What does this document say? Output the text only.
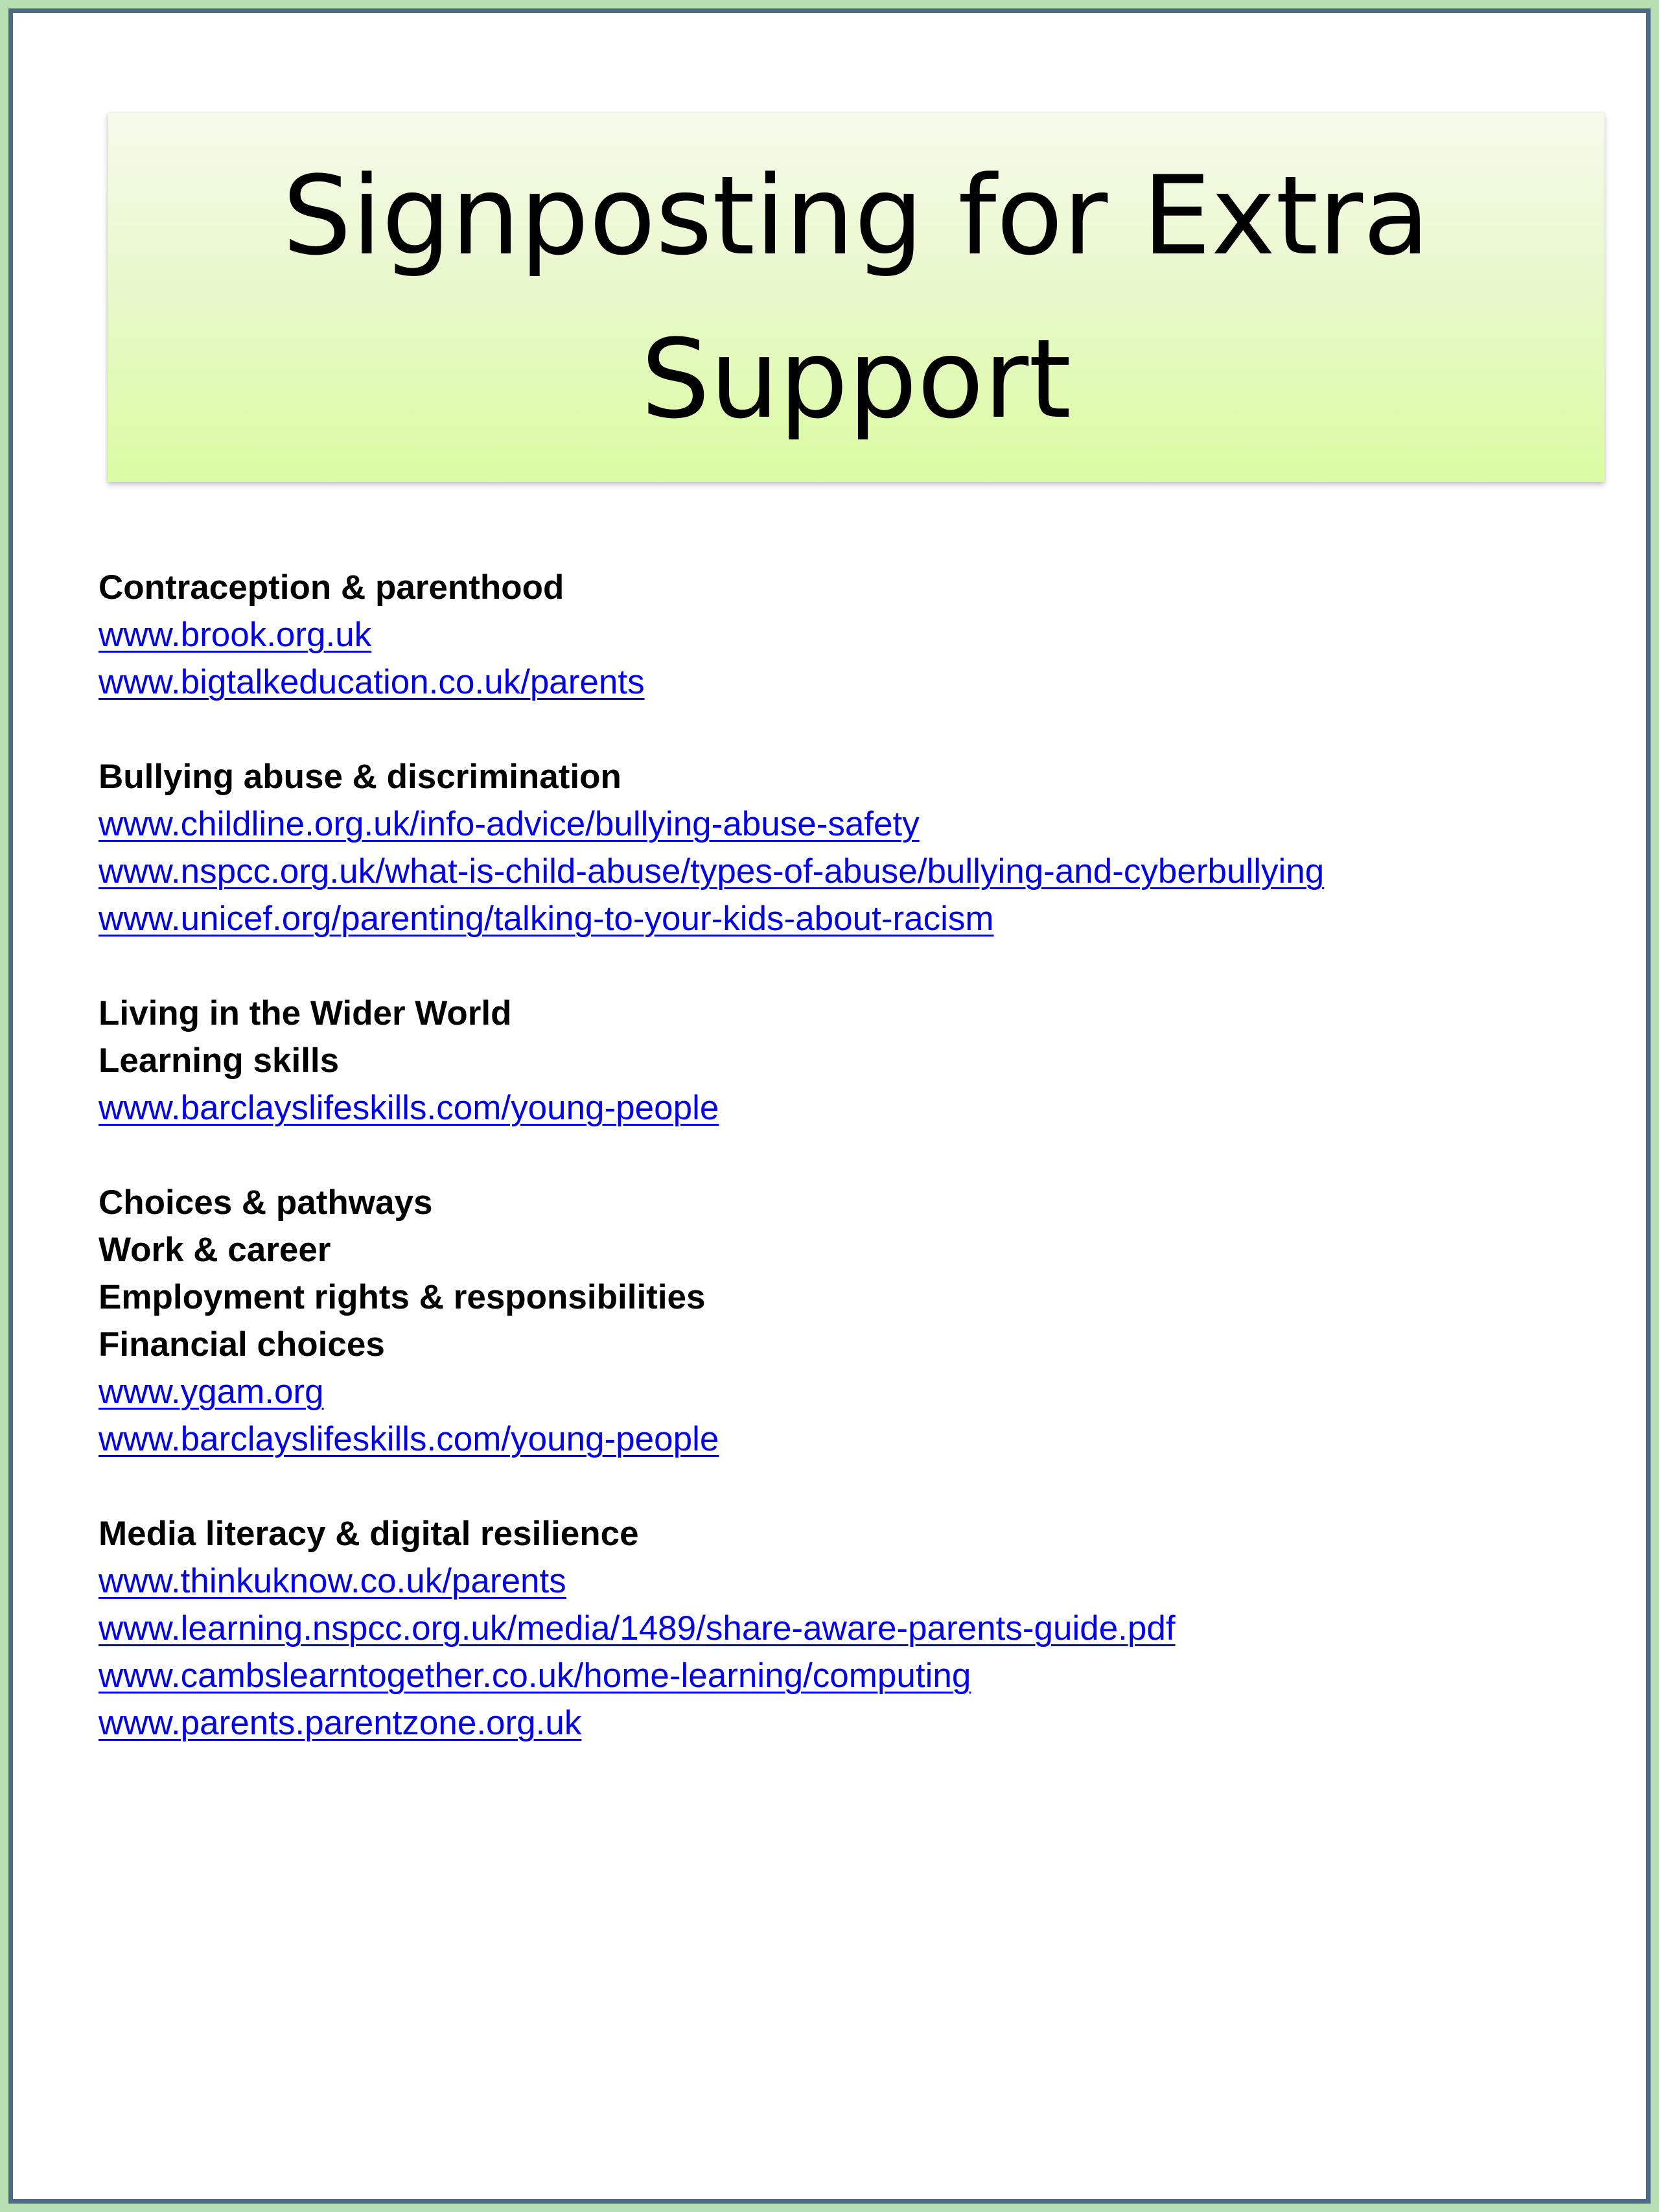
Signposting for Extra Support
Contraception & parenthood
www.brook.org.uk
www.bigtalkeducation.co.uk/parents
Bullying abuse & discrimination
www.childline.org.uk/info-advice/bullying-abuse-safety
www.nspcc.org.uk/what-is-child-abuse/types-of-abuse/bullying-and-cyberbullying
www.unicef.org/parenting/talking-to-your-kids-about-racism
Living in the Wider World
Learning skills
www.barclayslifeskills.com/young-people
Choices & pathways
Work & career
Employment rights & responsibilities
Financial choices
www.ygam.org
www.barclayslifeskills.com/young-people
Media literacy & digital resilience
www.thinkuknow.co.uk/parents
www.learning.nspcc.org.uk/media/1489/share-aware-parents-guide.pdf
www.cambslearntogether.co.uk/home-learning/computing
www.parents.parentzone.org.uk
